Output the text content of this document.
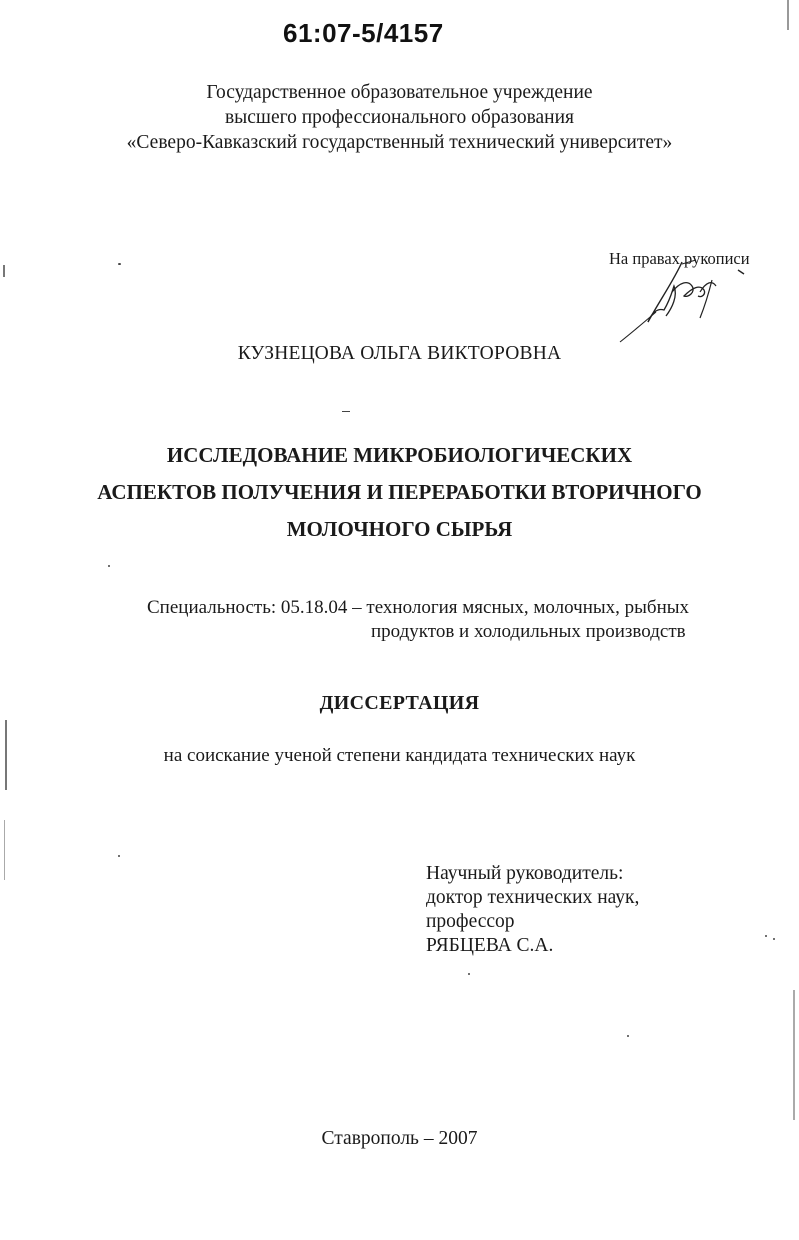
61:07-5/4157
Государственное образовательное учреждение
высшего профессионального образования
«Северо-Кавказский государственный технический университет»
На правах рукописи
КУЗНЕЦОВА ОЛЬГА ВИКТОРОВНА
ИССЛЕДОВАНИЕ МИКРОБИОЛОГИЧЕСКИХ
АСПЕКТОВ ПОЛУЧЕНИЯ И ПЕРЕРАБОТКИ ВТОРИЧНОГО
МОЛОЧНОГО СЫРЬЯ
Специальность: 05.18.04 – технология мясных, молочных, рыбных
продуктов и холодильных производств
ДИССЕРТАЦИЯ
на соискание ученой степени кандидата технических наук
Научный руководитель:
доктор технических наук,
профессор
РЯБЦЕВА С.А.
Ставрополь – 2007
